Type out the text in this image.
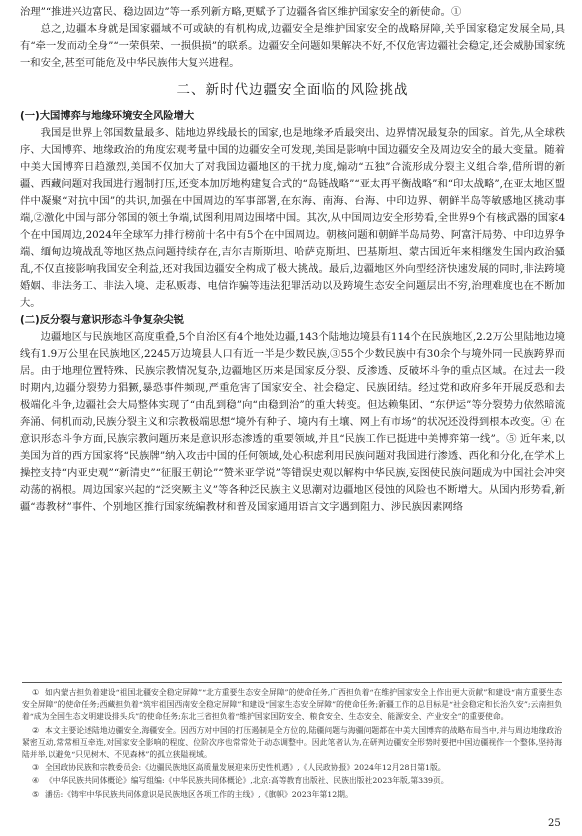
治理”“推进兴边富民、稳边固边”等一系列新方略,更赋予了边疆各省区维护国家安全的新使命。①

总之,边疆本身就是国家疆域不可或缺的有机构成,边疆安全是维护国家安全的战略屏障,关乎国家稳定发展全局,具有“牵一发而动全身”“一荣俱荣、一损俱损”的联系。边疆安全问题如果解决不好,不仅危害边疆社会稳定,还会威胁国家统一和安全,甚至可能危及中华民族伟大复兴进程。

二、新时代边疆安全面临的风险挑战
(一)大国博弈与地缘环境安全风险增大

我国是世界上邻国数量最多、陆地边界线最长的国家,也是地缘矛盾最突出、边界情况最复杂的国家。首先,从全球秩序、大国博弈、地缘政治的角度宏观考量中国的边疆安全可发现,美国是影响中国边疆安全及周边安全的最大变量。随着中美大国博弈日趋激烈,美国不仅加大了对我国边疆地区的干扰力度,煽动“五独”合流形成分裂主义组合拳,借所谓的新疆、西藏问题对我国进行遏制打压,还变本加厉地构建复合式的“岛链战略”“亚太再平衡战略”和“印太战略”,在亚太地区盟伴中凝聚“对抗中国”的共识,加强在中国周边的军事部署,在东海、南海、台海、中印边界、朝鲜半岛等敏感地区挑动事端,②激化中国与部分邻国的领土争端,试图利用周边围堵中国。其次,从中国周边安全形势看,全世界9个有核武器的国家4个在中国周边,2024年全球军力排行榜前十名中有5个在中国周边。朝核问题和朝鲜半岛局势、阿富汗局势、中印边界争端、缅甸边境战乱等地区热点问题持续存在,吉尔吉斯斯坦、哈萨克斯坦、巴基斯坦、蒙古国近年来相继发生国内政治骚乱,不仅直接影响我国安全利益,还对我国边疆安全构成了极大挑战。最后,边疆地区外向型经济快速发展的同时,非法跨境婚姻、非法务工、非法入境、走私贩毒、电信诈骗等违法犯罪活动以及跨境生态安全问题层出不穷,治理难度也在不断加大。

(二)反分裂与意识形态斗争复杂尖锐

边疆地区与民族地区高度重叠,5个自治区有4个地处边疆,143个陆地边境县有114个在民族地区,2.2万公里陆地边境线有1.9万公里在民族地区,2245万边境县人口有近一半是少数民族,③55个少数民族中有30余个与境外同一民族跨界而居。由于地理位置特殊、民族宗教情况复杂,边疆地区历来是国家反分裂、反渗透、反破坏斗争的重点区域。在过去一段时期内,边疆分裂势力猖獗,暴恐事件频现,严重危害了国家安全、社会稳定、民族团结。经过党和政府多年开展反恐和去极端化斗争,边疆社会大局整体实现了“由乱到稳”向“由稳到治”的重大转变。但达赖集团、“东伊运”等分裂势力依然暗流奔涌、伺机而动,民族分裂主义和宗教极端思想“境外有种子、境内有土壤、网上有市场”的状况还没得到根本改变。④ 在意识形态斗争方面,民族宗教问题历来是意识形态渗透的重要领域,并且“民族工作已挺进中美博弈第一线”。⑤ 近年来,以美国为首的西方国家将“民族牌”纳入攻击中国的任何领域,处心积虑利用民族问题对我国进行渗透、西化和分化,在学术上操控支持“内亚史观”“新清史”“征服王朝论”“赞米亚学说”等错误史观以解构中华民族,妄图使民族问题成为中国社会冲突动荡的祸根。周边国家兴起的“泛突厥主义”等各种泛民族主义思潮对边疆地区侵蚀的风险也不断增大。从国内形势看,新疆“毒教材”事件、个别地区推行国家统编教材和普及国家通用语言文字遇到阻力、涉民族因素网络

① 如内蒙古担负着建设“祖国北疆安全稳定屏障”“北方重要生态安全屏障”的使命任务,广西担负着“在维护国家安全上作出更大贡献”和建设“南方重要生态安全屏障”的使命任务;西藏担负着“筑牢祖国西南安全稳定屏障”和建设“国家生态安全屏障”的使命任务;新疆工作的总目标是“社会稳定和长治久安”;云南担负着“成为全国生态文明建设排头兵”的使命任务;东北三省担负着“维护国家国防安全、粮食安全、生态安全、能源安全、产业安全”的重要使命。

② 本文主要论述陆地边疆安全,海疆安全。因西方对中国的打压遏制是全方位的,陆疆问题与海疆问题都在中美大国博弈的战略布局当中,并与周边地缘政治紧密互动,常常相互牵连,对国家安全影响的程度、位阶次序也常常处于动态调整中。因此笔者认为,在研判边疆安全形势时要把中国边疆视作一个整体,坚持海陆并举,以避免“只见树木、不见森林”的孤立狭隘视域。

③ 全国政协民族和宗教委员会:《边疆民族地区高质量发展迎来历史性机遇》,《人民政协报》2024年12月28日第1版。

④ 《中华民族共同体概论》编写组编:《中华民族共同体概论》,北京:高等教育出版社、民族出版社2023年版,第339页。

⑤ 潘岳:《铸牢中华民族共同体意识是民族地区各项工作的主线》,《旗帜》2023年第12期。

25
